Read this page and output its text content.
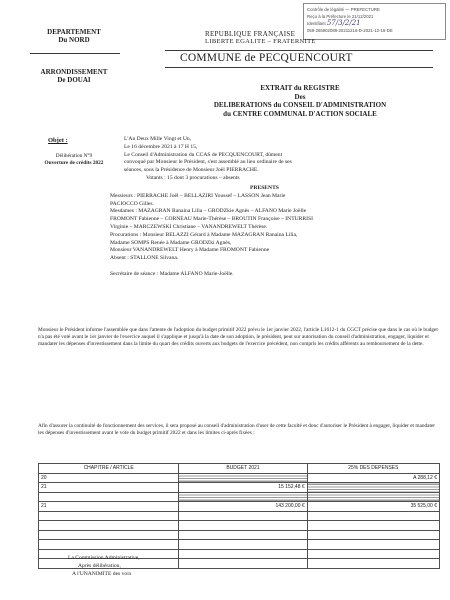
Contrôle de légalité — PREFECTURE
Reçu à la Préfecture le 21/12/2021
Identifiant 57/3/2/21
059-265902089-20211216-D-2021-12-16-DE
DEPARTEMENT
Du NORD
ARRONDISSEMENT
De DOUAI
REPUBLIQUE FRANÇAISE
LIBERTE EGALITE – FRATERNITE
COMMUNE de PECQUENCOURT
EXTRAIT du REGISTRE
Des
DELIBERATIONS du CONSEIL D'ADMINISTRATION
du CENTRE COMMUNAL D'ACTION SOCIALE
Objet :
Délibération N°9
Ouverture de crédits 2022
L'An Deux Mille Vingt et Un,
Le 16 décembre 2021 à 17 H 15,
Le Conseil d'Administration du CCAS de PECQUENCOURT, dûment
convoqué par Monsieur le Président, s'est assemblé au lieu ordinaire de ses
séances, sous la Présidence de Monsieur Joël PIERRACHE.
Votants : 15 dont 3 procurations – absents
PRESENTS
Messieurs : PIERRACHE Joël – BELLAZIRI Youssef – LASSON Jean Marie
PACIOCCO Gilles.
Mesdames : MAZAGRAN Ranaina Lilia – GRODZkie Agnès – ALFANO Marie Joëlle
FROMONT Fabienne – CORNEAU Marie-Thérèse – BROUTIN Françoise – INTURRISI
Virginie – MARCZEWSKI Christiane – VANANDREWELT Thérèse.
Procurations : Monsieur BELAZZI Gérard à Madame MAZAGRAN Ranaina Lilia,
Madame SOMPS Renée à Madame GRODZki Agnès,
Monsieur VANANDREWELT Henry à Madame FROMONT Fabienne
Absent : STALLONE Silvana.
Secrétaire de séance : Madame ALFANO Marie-Joëlle.
Monsieur le Président informe l'assemblée que dans l'attente de l'adoption du budget primitif 2022 prévu le 1er janvier 2022, l'article L1612-1 du CGCT précise que dans le cas où le budget n'a pas été voté avant le 1er janvier de l'exercice auquel il s'applique et jusqu'à la date de son adoption, le président, peut sur autorisation du conseil d'administration, engager, liquider et mandater les dépenses d'investissement dans la limite du quart des crédits ouverts aux budgets de l'exercice précédent, non compris les crédits afférents au remboursement de la dette.
Afin d'assurer la continuité de fonctionnement des services, il sera proposé au conseil d'administration d'user de cette faculté et donc d'autoriser le Président à engager, liquider et mandater les dépenses d'investissement avant le vote du budget primitif 2022 et dans les limites ci-après fixées :
CHAPITRE / ARTICLE	BUDGET 2021	25% DES DEPENSES
20		A 288,12 €
21	15 152,48 €	

21	143 200,00 €	35 525,00 €

La Commission Administrative,
Après délibération,
A l'UNANIMITE des voix
